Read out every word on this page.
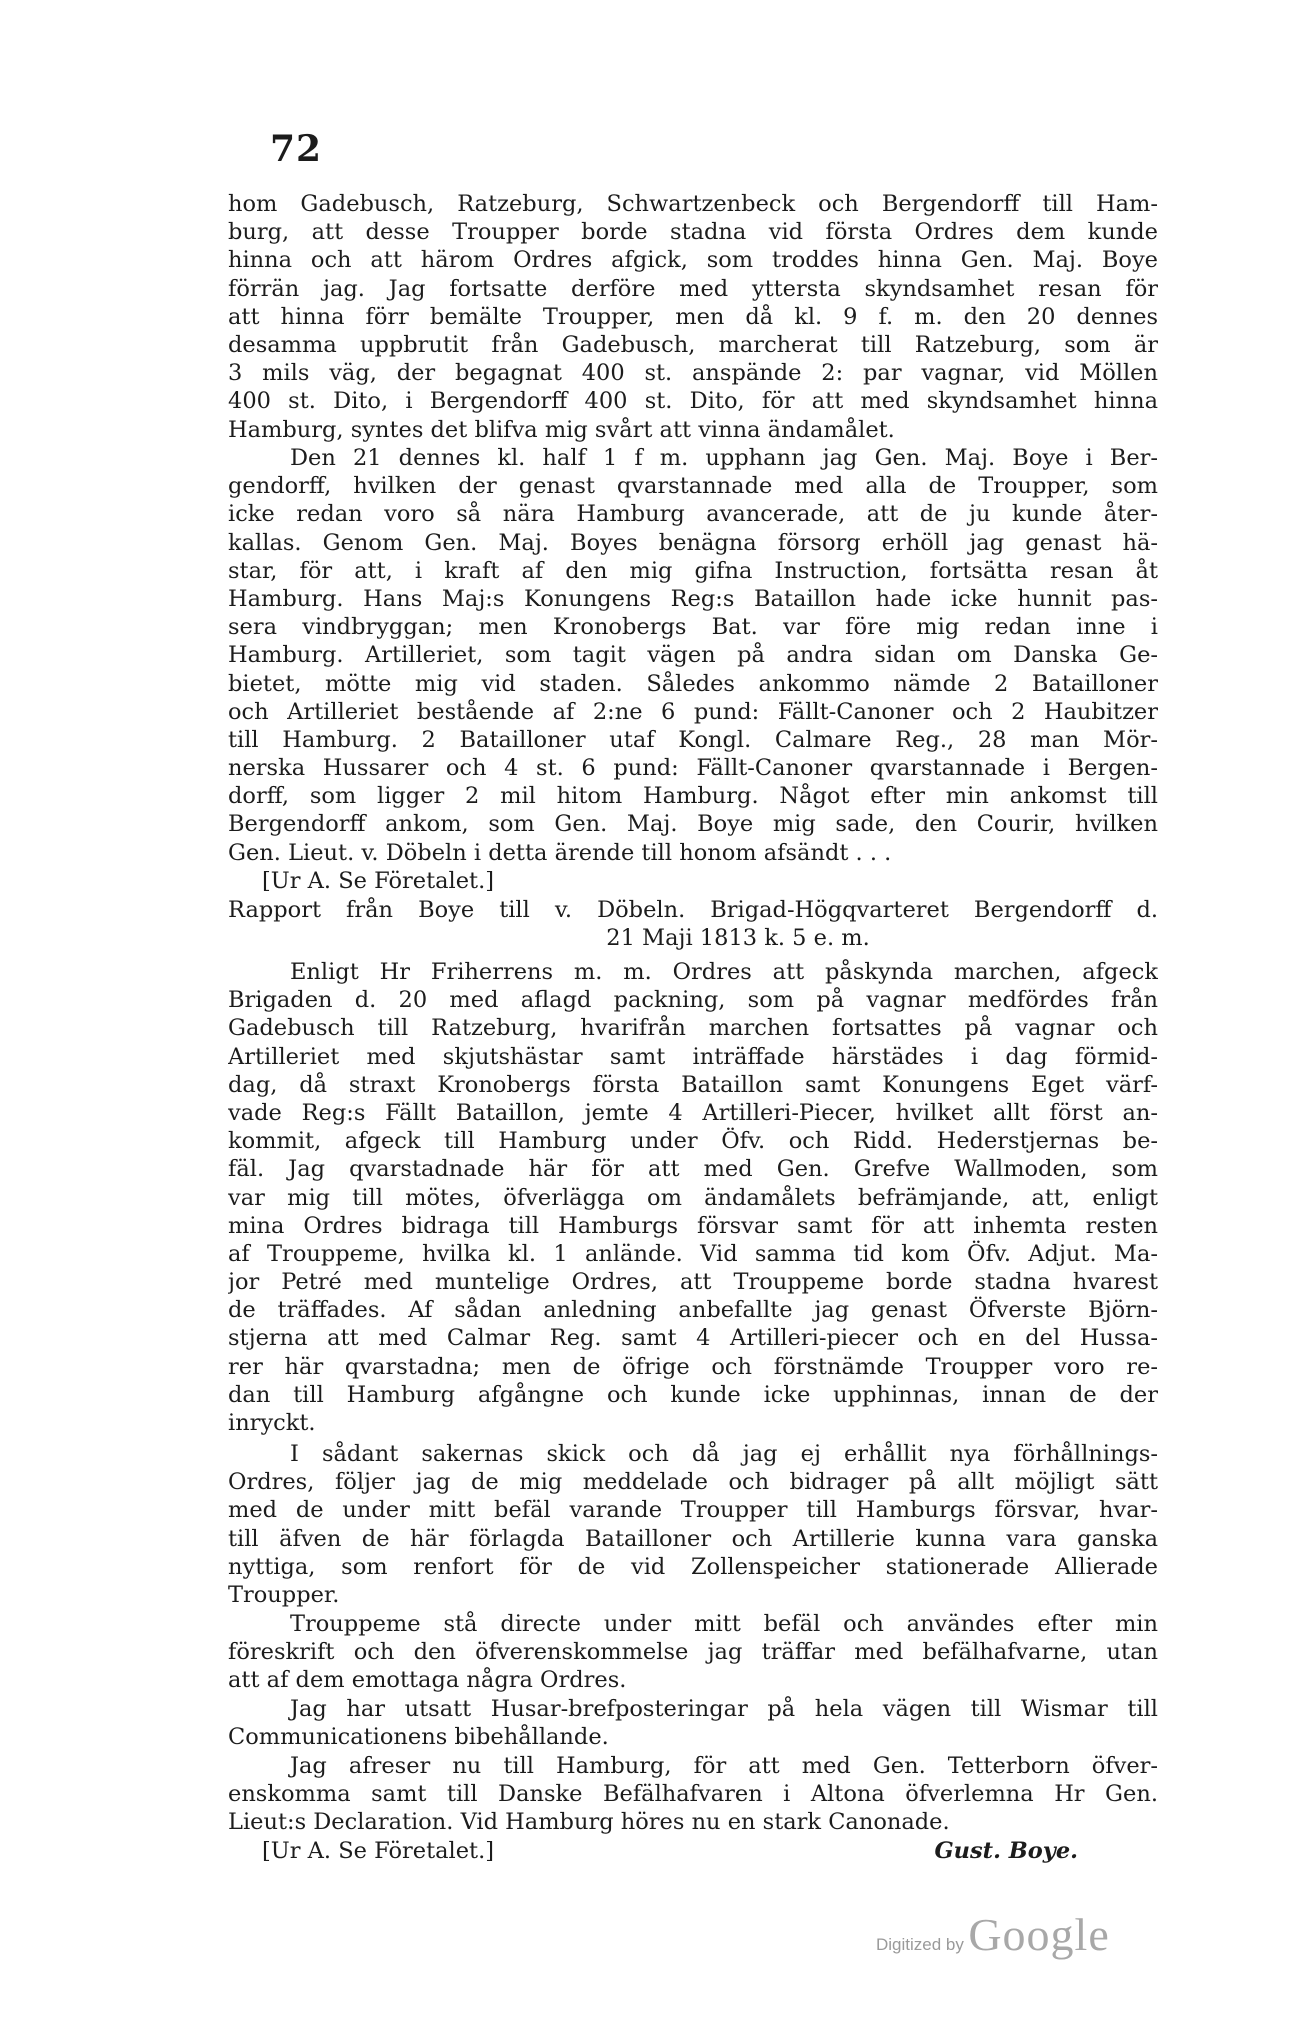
72
hom Gadebusch, Ratzeburg, Schwartzenbeck och Bergendorff till Ham-
burg, att desse Troupper borde stadna vid första Ordres dem kunde
hinna och att härom Ordres afgick, som troddes hinna Gen. Maj. Boye
förrän jag. Jag fortsatte derföre med yttersta skyndsamhet resan för
att hinna förr bemälte Troupper, men då kl. 9 f. m. den 20 dennes
desamma uppbrutit från Gadebusch, marcherat till Ratzeburg, som är
3 mils väg, der begagnat 400 st. anspände 2: par vagnar, vid Möllen
400 st. Dito, i Bergendorff 400 st. Dito, för att med skyndsamhet hinna
Hamburg, syntes det blifva mig svårt att vinna ändamålet.
Den 21 dennes kl. half 1 f m. upphann jag Gen. Maj. Boye i Ber-
gendorff, hvilken der genast qvarstannade med alla de Troupper, som
icke redan voro så nära Hamburg avancerade, att de ju kunde åter-
kallas. Genom Gen. Maj. Boyes benägna försorg erhöll jag genast hä-
star, för att, i kraft af den mig gifna Instruction, fortsätta resan åt
Hamburg. Hans Maj:s Konungens Reg:s Bataillon hade icke hunnit pas-
sera vindbryggan; men Kronobergs Bat. var före mig redan inne i
Hamburg. Artilleriet, som tagit vägen på andra sidan om Danska Ge-
bietet, mötte mig vid staden. Således ankommo nämde 2 Batailloner
och Artilleriet bestående af 2:ne 6 pund: Fällt-Canoner och 2 Haubitzer
till Hamburg. 2 Batailloner utaf Kongl. Calmare Reg., 28 man Mör-
nerska Hussarer och 4 st. 6 pund: Fällt-Canoner qvarstannade i Bergen-
dorff, som ligger 2 mil hitom Hamburg. Något efter min ankomst till
Bergendorff ankom, som Gen. Maj. Boye mig sade, den Courir, hvilken
Gen. Lieut. v. Döbeln i detta ärende till honom afsändt . . .
[Ur A. Se Företalet.]
Rapport från Boye till v. Döbeln. Brigad-Högqvarteret Bergendorff d.
21 Maji 1813 k. 5 e. m.
Enligt Hr Friherrens m. m. Ordres att påskynda marchen, afgeck
Brigaden d. 20 med aflagd packning, som på vagnar medfördes från
Gadebusch till Ratzeburg, hvarifrån marchen fortsattes på vagnar och
Artilleriet med skjutshästar samt inträffade härstädes i dag förmid-
dag, då straxt Kronobergs första Bataillon samt Konungens Eget värf-
vade Reg:s Fällt Bataillon, jemte 4 Artilleri-Piecer, hvilket allt först an-
kommit, afgeck till Hamburg under Öfv. och Ridd. Hederstjernas be-
fäl. Jag qvarstadnade här för att med Gen. Grefve Wallmoden, som
var mig till mötes, öfverlägga om ändamålets befrämjande, att, enligt
mina Ordres bidraga till Hamburgs försvar samt för att inhemta resten
af Trouppeme, hvilka kl. 1 anlände. Vid samma tid kom Öfv. Adjut. Ma-
jor Petré med muntelige Ordres, att Trouppeme borde stadna hvarest
de träffades. Af sådan anledning anbefallte jag genast Öfverste Björn-
stjerna att med Calmar Reg. samt 4 Artilleri-piecer och en del Hussa-
rer här qvarstadna; men de öfrige och förstnämde Troupper voro re-
dan till Hamburg afgångne och kunde icke upphinnas, innan de der
inryckt.
I sådant sakernas skick och då jag ej erhållit nya förhållnings-
Ordres, följer jag de mig meddelade och bidrager på allt möjligt sätt
med de under mitt befäl varande Troupper till Hamburgs försvar, hvar-
till äfven de här förlagda Batailloner och Artillerie kunna vara ganska
nyttiga, som renfort för de vid Zollenspeicher stationerade Allierade
Troupper.
Trouppeme stå directe under mitt befäl och användes efter min
föreskrift och den öfverenskommelse jag träffar med befälhafvarne, utan
att af dem emottaga några Ordres.
Jag har utsatt Husar-brefposteringar på hela vägen till Wismar till
Communicationens bibehållande.
Jag afreser nu till Hamburg, för att med Gen. Tetterborn öfver-
enskomma samt till Danske Befälhafvaren i Altona öfverlemna Hr Gen.
Lieut:s Declaration. Vid Hamburg höres nu en stark Canonade.
[Ur A. Se Företalet.]	Gust. Boye.
Digitized by Google
